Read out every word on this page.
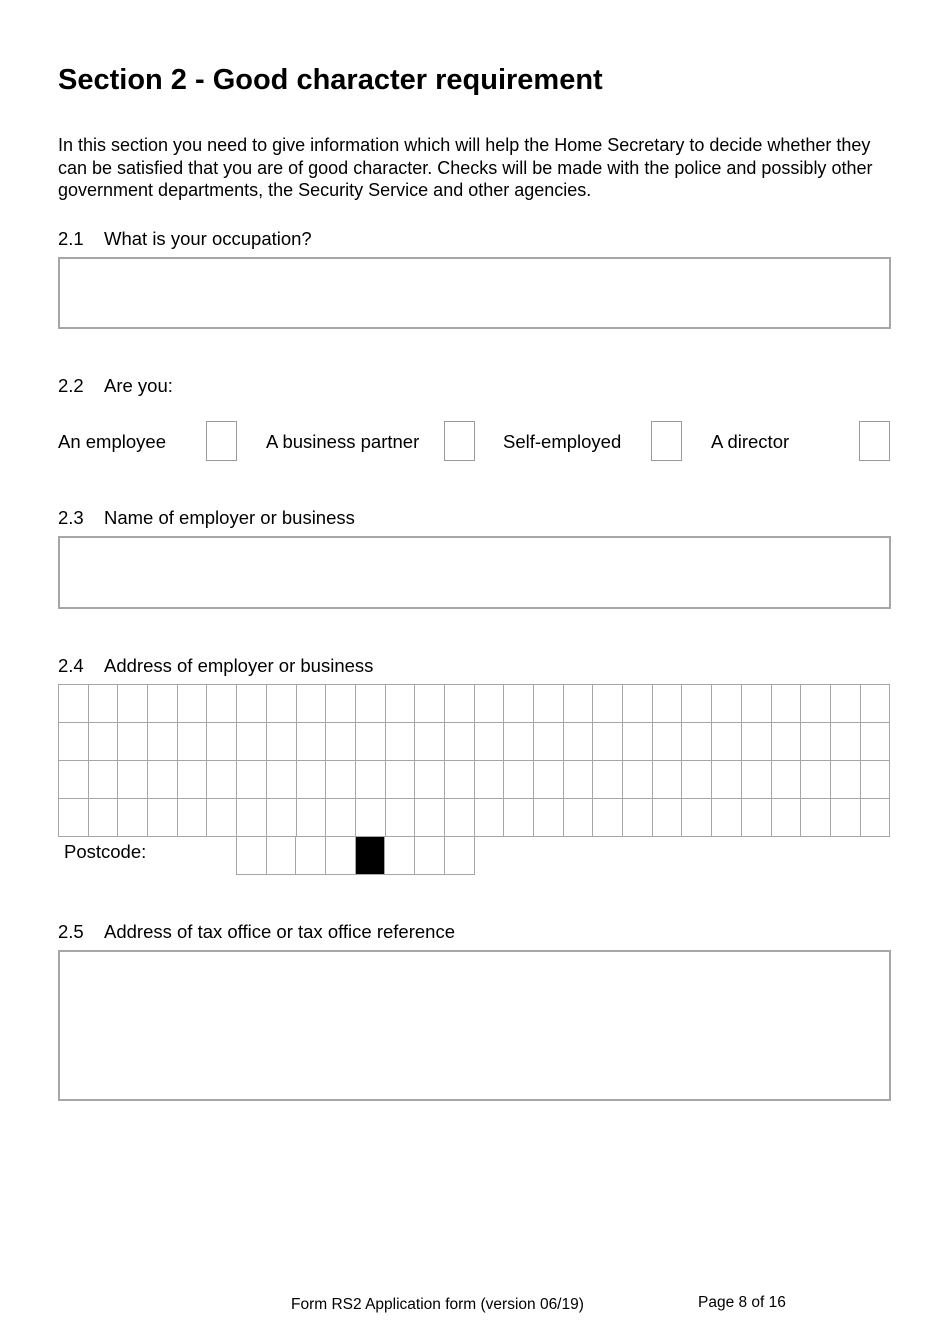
Section 2 - Good character requirement
In this section you need to give information which will help the Home Secretary to decide whether they can be satisfied that you are of good character. Checks will be made with the police and possibly other government departments, the Security Service and other agencies.
2.1 What is your occupation?
2.2 Are you:
An employee	A business partner	Self-employed	A director
2.3 Name of employer or business
2.4 Address of employer or business
Postcode:
2.5 Address of tax office or tax office reference
Form RS2 Application form (version 06/19)	Page 8 of 16
